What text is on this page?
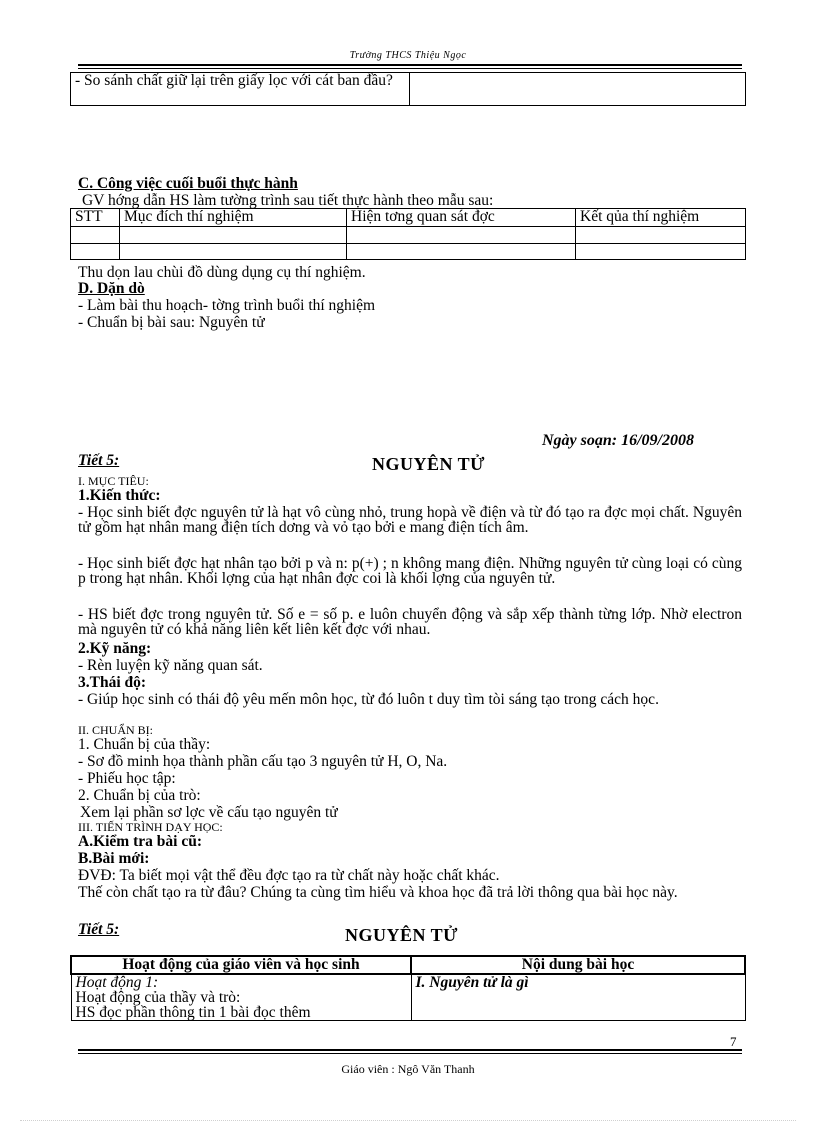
Trường THCS Thiệu Ngọc
- So sánh chất giữ lại trên giấy lọc với cát ban đầu?	
C. Công việc cuối buổi thực hành
GV hớng dẫn HS làm tường trình sau tiết thực hành theo mẫu sau:
STT	Mục đích thí nghiệm	Hiện tơng quan sát đợc	Kết qủa thí nghiệm

Thu dọn lau chùi đồ dùng dụng cụ thí nghiệm.
D. Dặn dò
- Làm bài thu hoạch- tờng trình buổi thí nghiệm
- Chuẩn bị bài sau: Nguyên tử
Ngày soạn: 16/09/2008
Tiết 5:	NGUYÊN TỬ
I. MỤC TIÊU:
1.Kiến thức:
- Học sinh biết đợc nguyên tử là hạt vô cùng nhỏ, trung hopà về điện và từ đó tạo ra đợc mọi chất. Nguyên tử gồm hạt nhân mang điện tích dơng và vỏ tạo bởi e mang điện tích âm.
- Học sinh biết đợc hạt nhân tạo bởi p và n: p(+) ; n không mang điện. Những nguyên tử cùng loại có cùng p trong hạt nhân. Khối lợng của hạt nhân đợc coi là khối lợng của nguyên tử.
- HS biết đợc trong nguyên tử. Số e = số p. e luôn chuyển động và sắp xếp thành từng lớp. Nhờ electron mà nguyên tử có khả năng liên kết liên kết đợc với nhau.
2.Kỹ năng:
- Rèn luyện kỹ năng quan sát.
3.Thái độ:
- Giúp học sinh có thái độ yêu mến môn học, từ đó luôn t duy tìm tòi sáng tạo trong cách học.
II. CHUẨN BỊ:
1. Chuẩn bị của thầy:
- Sơ đồ minh họa thành phần cấu tạo 3 nguyên tử H, O, Na.
- Phiếu học tập:
2. Chuẩn bị của trò:
Xem lại phần sơ lợc về cấu tạo nguyên tử
III. TIẾN TRÌNH DẠY HỌC:
A.Kiểm tra bài cũ:
B.Bài mới:
ĐVĐ: Ta biết mọi vật thể đều đợc tạo ra từ chất này hoặc chất khác.
Thế còn chất tạo ra từ đâu? Chúng ta cùng tìm hiểu và khoa học đã trả lời thông qua bài học này.
Tiết 5:	NGUYÊN TỬ
Hoạt động của giáo viên và học sinh	Nội dung bài học

Hoạt động 1:
Hoạt động của thầy và trò:
HS đọc phần thông tin 1 bài đọc thêm	I. Nguyên tử là gì
7
Giáo viên : Ngô Văn Thanh
